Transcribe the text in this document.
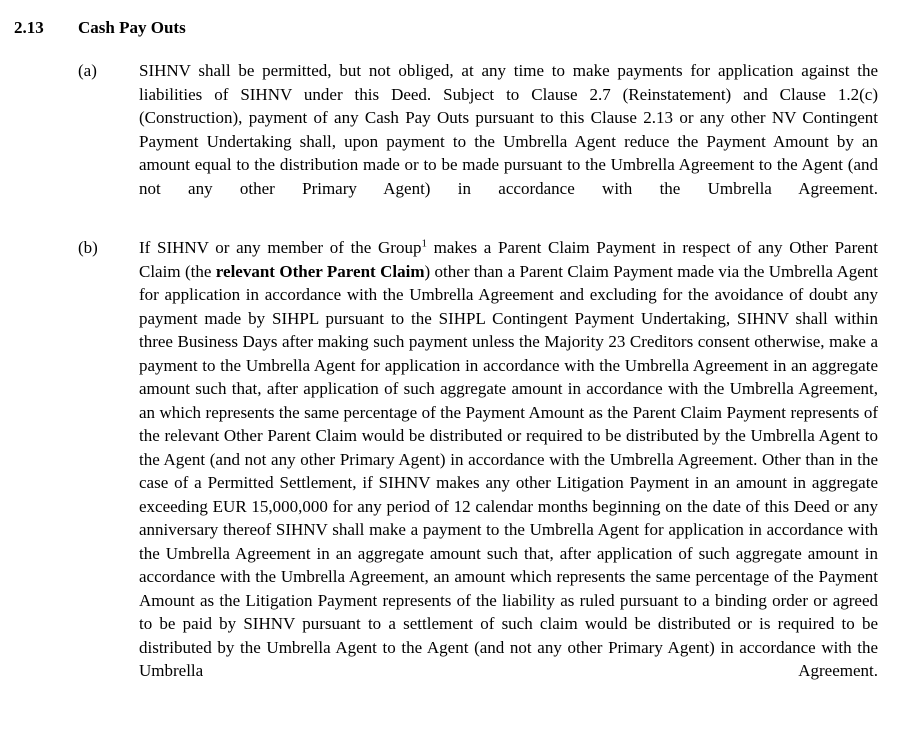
2.13 Cash Pay Outs
(a) SIHNV shall be permitted, but not obliged, at any time to make payments for application against the liabilities of SIHNV under this Deed. Subject to Clause 2.7 (Reinstatement) and Clause 1.2(c) (Construction), payment of any Cash Pay Outs pursuant to this Clause 2.13 or any other NV Contingent Payment Undertaking shall, upon payment to the Umbrella Agent reduce the Payment Amount by an amount equal to the distribution made or to be made pursuant to the Umbrella Agreement to the Agent (and not any other Primary Agent) in accordance with the Umbrella Agreement.
(b) If SIHNV or any member of the Group$^1$ makes a Parent Claim Payment in respect of any Other Parent Claim (the relevant Other Parent Claim) other than a Parent Claim Payment made via the Umbrella Agent for application in accordance with the Umbrella Agreement and excluding for the avoidance of doubt any payment made by SIHPL pursuant to the SIHPL Contingent Payment Undertaking, SIHNV shall within three Business Days after making such payment unless the Majority 23 Creditors consent otherwise, make a payment to the Umbrella Agent for application in accordance with the Umbrella Agreement in an aggregate amount such that, after application of such aggregate amount in accordance with the Umbrella Agreement, an which represents the same percentage of the Payment Amount as the Parent Claim Payment represents of the relevant Other Parent Claim would be distributed or required to be distributed by the Umbrella Agent to the Agent (and not any other Primary Agent) in accordance with the Umbrella Agreement. Other than in the case of a Permitted Settlement, if SIHNV makes any other Litigation Payment in an amount in aggregate exceeding EUR 15,000,000 for any period of 12 calendar months beginning on the date of this Deed or any anniversary thereof SIHNV shall make a payment to the Umbrella Agent for application in accordance with the Umbrella Agreement in an aggregate amount such that, after application of such aggregate amount in accordance with the Umbrella Agreement, an amount which represents the same percentage of the Payment Amount as the Litigation Payment represents of the liability as ruled pursuant to a binding order or agreed to be paid by SIHNV pursuant to a settlement of such claim would be distributed or is required to be distributed by the Umbrella Agent to the Agent (and not any other Primary Agent) in accordance with the Umbrella Agreement.
